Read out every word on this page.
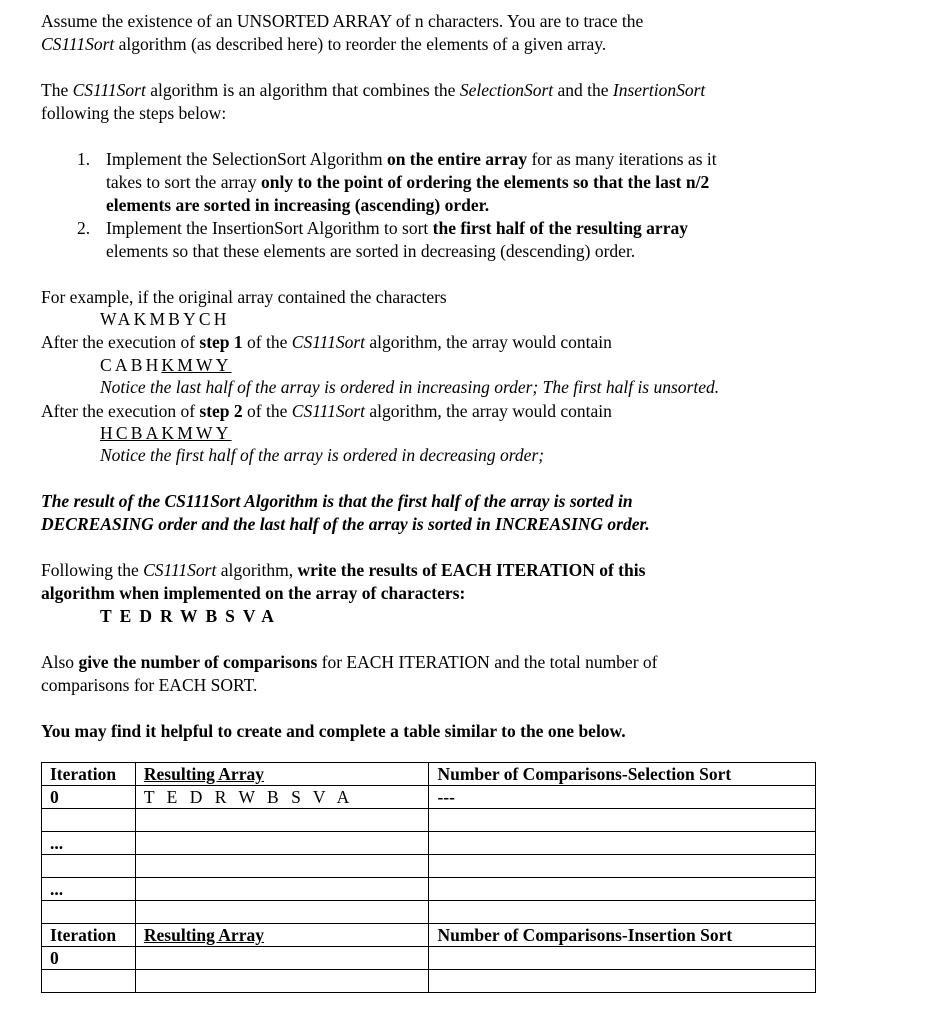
Assume the existence of an UNSORTED ARRAY of n characters. You are to trace the
CS111Sort algorithm (as described here) to reorder the elements of a given array.
The CS111Sort algorithm is an algorithm that combines the SelectionSort and the InsertionSort
following the steps below:
1. Implement the SelectionSort Algorithm on the entire array for as many iterations as it
takes to sort the array only to the point of ordering the elements so that the last n/2
elements are sorted in increasing (ascending) order.
2. Implement the InsertionSort Algorithm to sort the first half of the resulting array
elements so that these elements are sorted in decreasing (descending) order.
For example, if the original array contained the characters
WAKMBYCH
After the execution of step 1 of the CS111Sort algorithm, the array would contain
CABHKMWY
Notice the last half of the array is ordered in increasing order; The first half is unsorted.
After the execution of step 2 of the CS111Sort algorithm, the array would contain
HCBAKMWY
Notice the first half of the array is ordered in decreasing order;
The result of the CS111Sort Algorithm is that the first half of the array is sorted in
DECREASING order and the last half of the array is sorted in INCREASING order.
Following the CS111Sort algorithm, write the results of EACH ITERATION of this
algorithm when implemented on the array of characters:
TEDRWBSVA
Also give the number of comparisons for EACH ITERATION and the total number of
comparisons for EACH SORT.
You may find it helpful to create and complete a table similar to the one below.
Iteration	Resulting Array	Number of Comparisons-Selection Sort
0	T E D R W B S V A	---

...		

...		

Iteration	Resulting Array	Number of Comparisons-Insertion Sort
0		
